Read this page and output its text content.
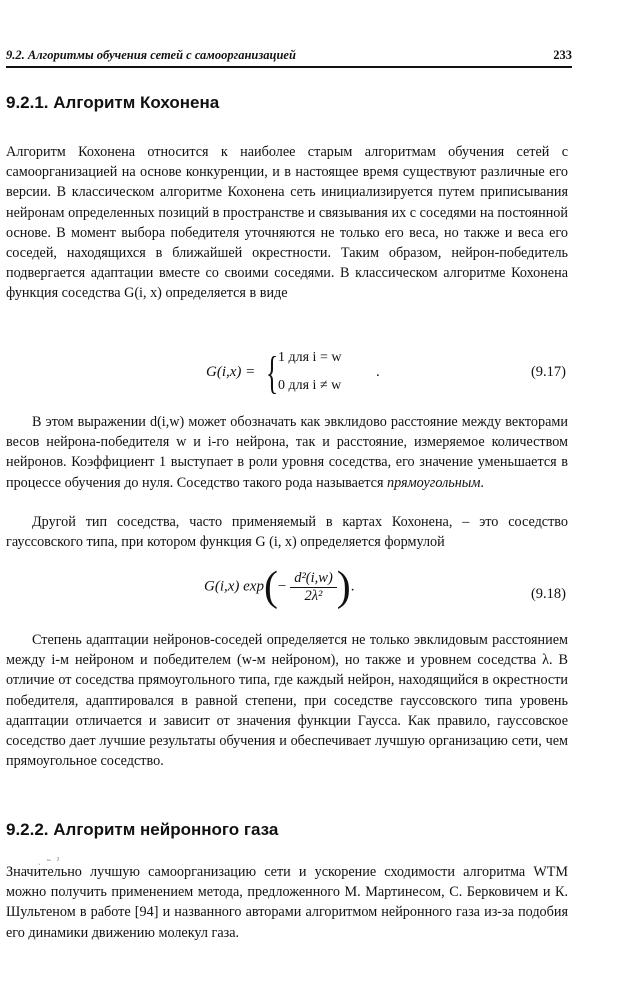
9.2. Алгоритмы обучения сетей с самоорганизацией	233
9.2.1. Алгоритм Кохонена

Алгоритм Кохонена относится к наиболее старым алгоритмам обучения сетей с самоорганизацией на основе конкуренции, и в настоящее время существуют различные его версии. В классическом алгоритме Кохонена сеть инициализируется путем приписывания нейронам определенных позиций в пространстве и связывания их с соседями на постоянной основе. В момент выбора победителя уточняются не только его веса, но также и веса его соседей, находящихся в ближайшей окрестности. Таким образом, нейрон-победитель подвергается адаптации вместе со своими соседями. В классическом алгоритме Кохонена функция соседства G(i, x) определяется в виде

G(i,x) = { 1 для i = w
0 для i ≠ w
.	(9.17)

В этом выражении d(i,w) может обозначать как эвклидово расстояние между векторами весов нейрона-победителя w и i-го нейрона, так и расстояние, измеряемое количеством нейронов. Коэффициент 1 выступает в роли уровня соседства, его значение уменьшается в процессе обучения до нуля. Соседство такого рода называется прямоугольным.

Другой тип соседства, часто применяемый в картах Кохонена, – это соседство гауссовского типа, при котором функция G (i, x) определяется формулой

G(i,x) $\exp(- \frac{\text{d²(i,w)}}{\text{2λ²}}$ ).	(9.18)

Степень адаптации нейронов-соседей определяется не только эвклидовым расстоянием между i-м нейроном и победителем (w-м нейроном), но также и уровнем соседства λ. В отличие от соседства прямоугольного типа, где каждый нейрон, находящийся в окрестности победителя, адаптировался в равной степени, при соседстве гауссовского типа уровень адаптации отличается и зависит от значения функции Гаусса. Как правило, гауссовское соседство дает лучшие результаты обучения и обеспечивает лучшую организацию сети, чем прямоугольное соседство.

9.2.2. Алгоритм нейронного газа
ˏ ~ ˀ

Значительно лучшую самоорганизацию сети и ускорение сходимости алгоритма WTM можно получить применением метода, предложенного М. Мартинесом, С. Берковичем и К. Шультеном в работе [94] и названного авторами алгоритмом нейронного газа из-за подобия его динамики движению молекул газа.
